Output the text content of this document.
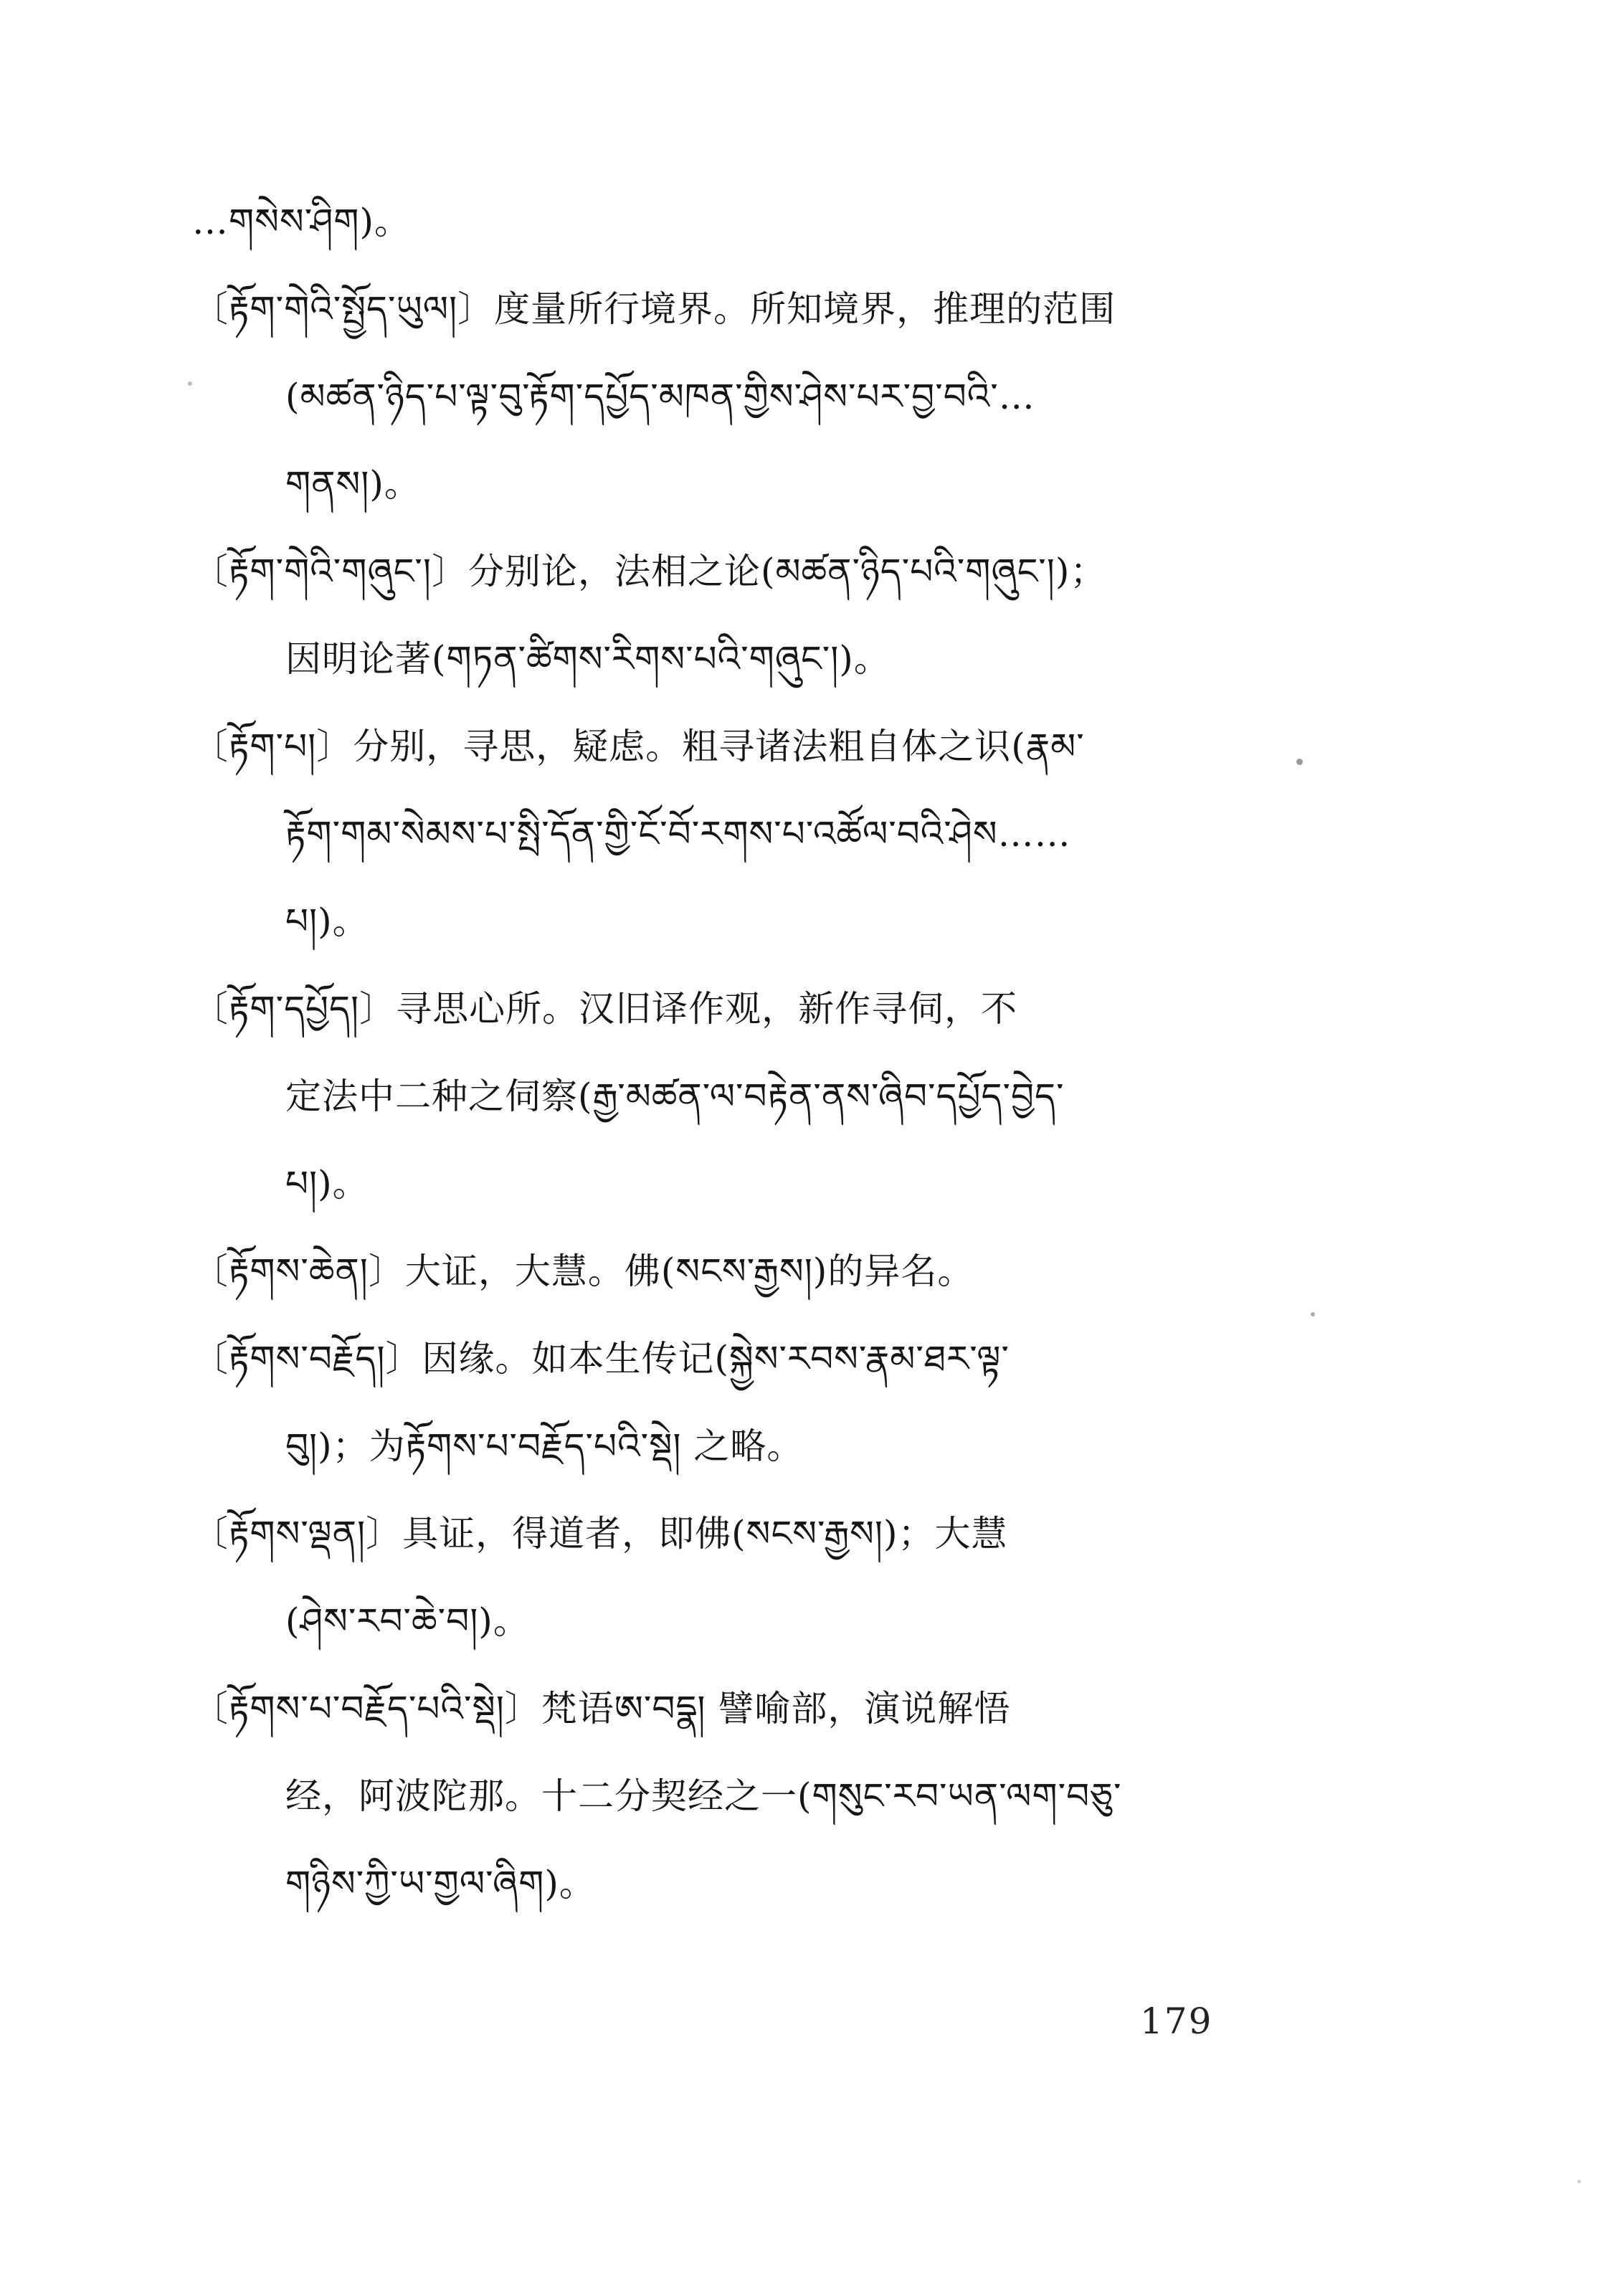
…གསེས་ཤིག)。
〔རྟོག་གེའི་སྤྱོད་ཡུལ།〕度量所行境界。所知境界，推理的范围
(མཚན་ཉིད་པ་ལྟ་བུ་རྟོག་དཔྱོད་མཁན་གྱིས་ཤེས་པར་བྱ་བའི་…
གནས།)。
〔རྟོག་གེའི་གཞུང་།〕分别论，法相之论(མཚན་ཉིད་པའི་གཞུང་།)；
因明论著(གཏན་ཚིགས་རིགས་པའི་གཞུང་།)。
〔རྟོག་པ།〕分别，寻思，疑虑。粗寻诸法粗自体之识(རྣམ་
རྟོག་གམ་སེམས་པ་སྤི་དོན་གྱི་ངོ་བོ་རགས་པ་འཚོལ་བའི་ཤེས……
པ།)。
〔རྟོག་དཔྱོད།〕寻思心所。汉旧译作观，新作寻伺，不
定法中二种之伺察(རྒྱ་མཚན་ལ་བརྟེན་ནས་ཞིབ་དཔྱོད་བྱེད་
པ།)。
〔རྟོགས་ཆེན།〕大证，大慧。佛(སངས་རྒྱས།)的异名。
〔རྟོགས་བརྗོད།〕因缘。如本生传记(སྐྱེས་རབས་རྣམ་ཐར་ལྟ་
བུ།)；为རྟོགས་པ་བརྗོད་པའི་སྡེ། 之略。
〔རྟོགས་ལྡན།〕具证，得道者，即佛(སངས་རྒྱས།)；大慧
(ཤེས་རབ་ཆེ་བ།)。
〔རྟོགས་པ་བརྗོད་པའི་སྡེ།〕梵语ཨ་བདྣ། 譬喻部，演说解悟
经，阿波陀那。十二分契经之一(གསུང་རབ་ཡན་ལག་བཅུ་
གཉིས་ཀྱི་ཡ་གྱལ་ཞིག)。
179
